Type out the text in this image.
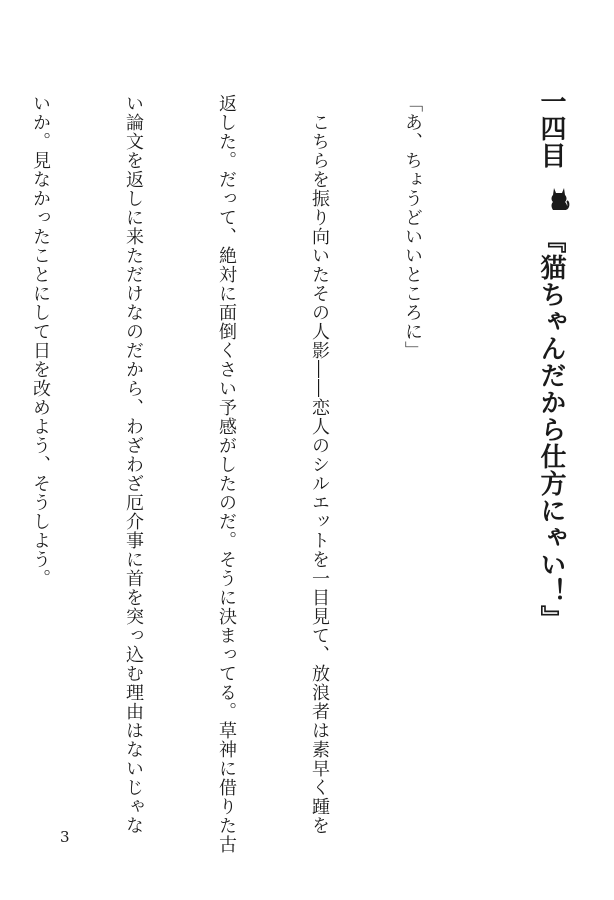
一四目
『猫ちゃんだから仕方にゃい！』

「あ、ちょうどいいところに」

　こちらを振り向いたその人影――恋人のシルエットを一目見て、放浪者は素早く踵を

返した。だって、絶対に面倒くさい予感がしたのだ。そうに決まってる。草神に借りた古

い論文を返しに来ただけなのだから、わざわざ厄介事に首を突っ込む理由はないじゃな

いか。見なかったことにして日を改めよう、そうしよう。

3
